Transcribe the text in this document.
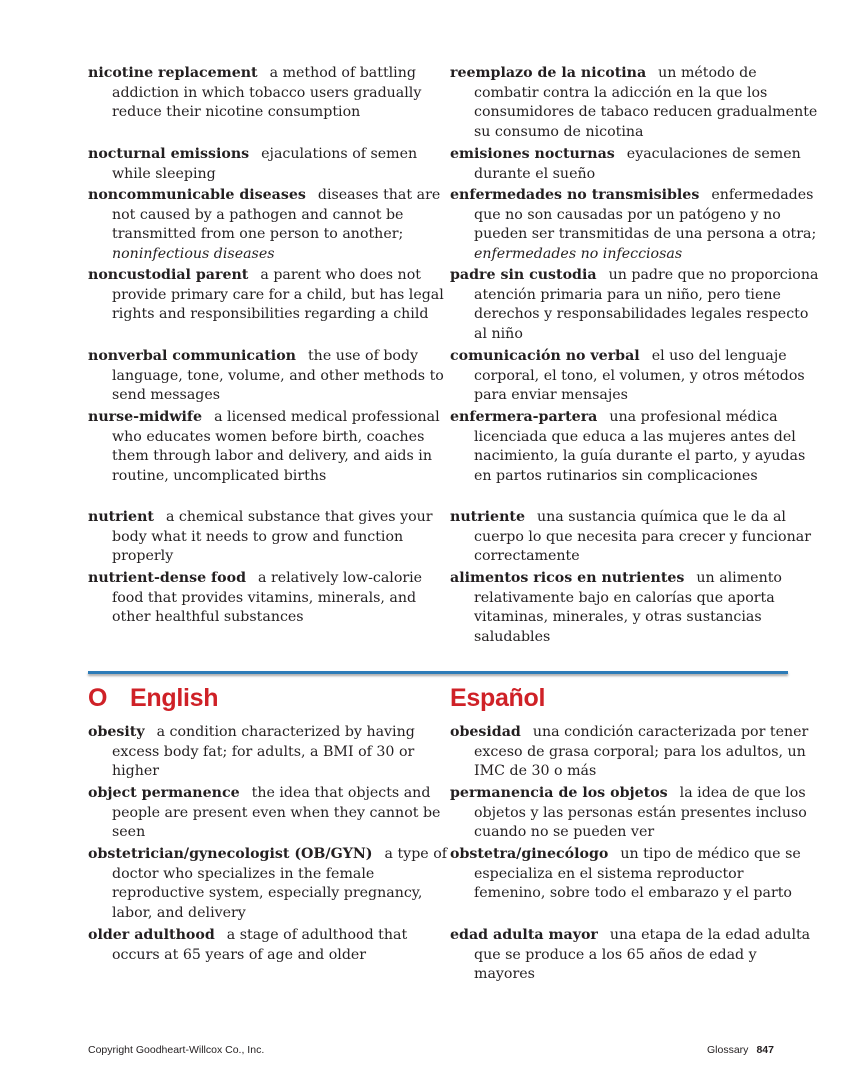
nicotine replacement a method of battling addiction in which tobacco users gradually reduce their nicotine consumption
nocturnal emissions ejaculations of semen while sleeping
noncommunicable diseases diseases that are not caused by a pathogen and cannot be transmitted from one person to another; noninfectious diseases
noncustodial parent a parent who does not provide primary care for a child, but has legal rights and responsibilities regarding a child
nonverbal communication the use of body language, tone, volume, and other methods to send messages
nurse-midwife a licensed medical professional who educates women before birth, coaches them through labor and delivery, and aids in routine, uncomplicated births
nutrient a chemical substance that gives your body what it needs to grow and function properly
nutrient-dense food a relatively low-calorie food that provides vitamins, minerals, and other healthful substances
obesity a condition characterized by having excess body fat; for adults, a BMI of 30 or higher
object permanence the idea that objects and people are present even when they cannot be seen
obstetrician/gynecologist (OB/GYN) a type of doctor who specializes in the female reproductive system, especially pregnancy, labor, and delivery
older adulthood a stage of adulthood that occurs at 65 years of age and older
reemplazo de la nicotina un método de combatir contra la adicción en la que los consumidores de tabaco reducen gradualmente su consumo de nicotina
emisiones nocturnas eyaculaciones de semen durante el sueño
enfermedades no transmisibles enfermedades que no son causadas por un patógeno y no pueden ser transmitidas de una persona a otra; enfermedades no infecciosas
padre sin custodia un padre que no proporciona atención primaria para un niño, pero tiene derechos y responsabilidades legales respecto al niño
comunicación no verbal el uso del lenguaje corporal, el tono, el volumen, y otros métodos para enviar mensajes
enfermera-partera una profesional médica licenciada que educa a las mujeres antes del nacimiento, la guía durante el parto, y ayudas en partos rutinarios sin complicaciones
nutriente una sustancia química que le da al cuerpo lo que necesita para crecer y funcionar correctamente
alimentos ricos en nutrientes un alimento relativamente bajo en calorías que aporta vitaminas, minerales, y otras sustancias saludables
obesidad una condición caracterizada por tener exceso de grasa corporal; para los adultos, un IMC de 30 o más
permanencia de los objetos la idea de que los objetos y las personas están presentes incluso cuando no se pueden ver
obstetra/ginecólogo un tipo de médico que se especializa en el sistema reproductor femenino, sobre todo el embarazo y el parto
edad adulta mayor una etapa de la edad adulta que se produce a los 65 años de edad y mayores
O English	Español
Copyright Goodheart-Willcox Co., Inc.	Glossary 847
